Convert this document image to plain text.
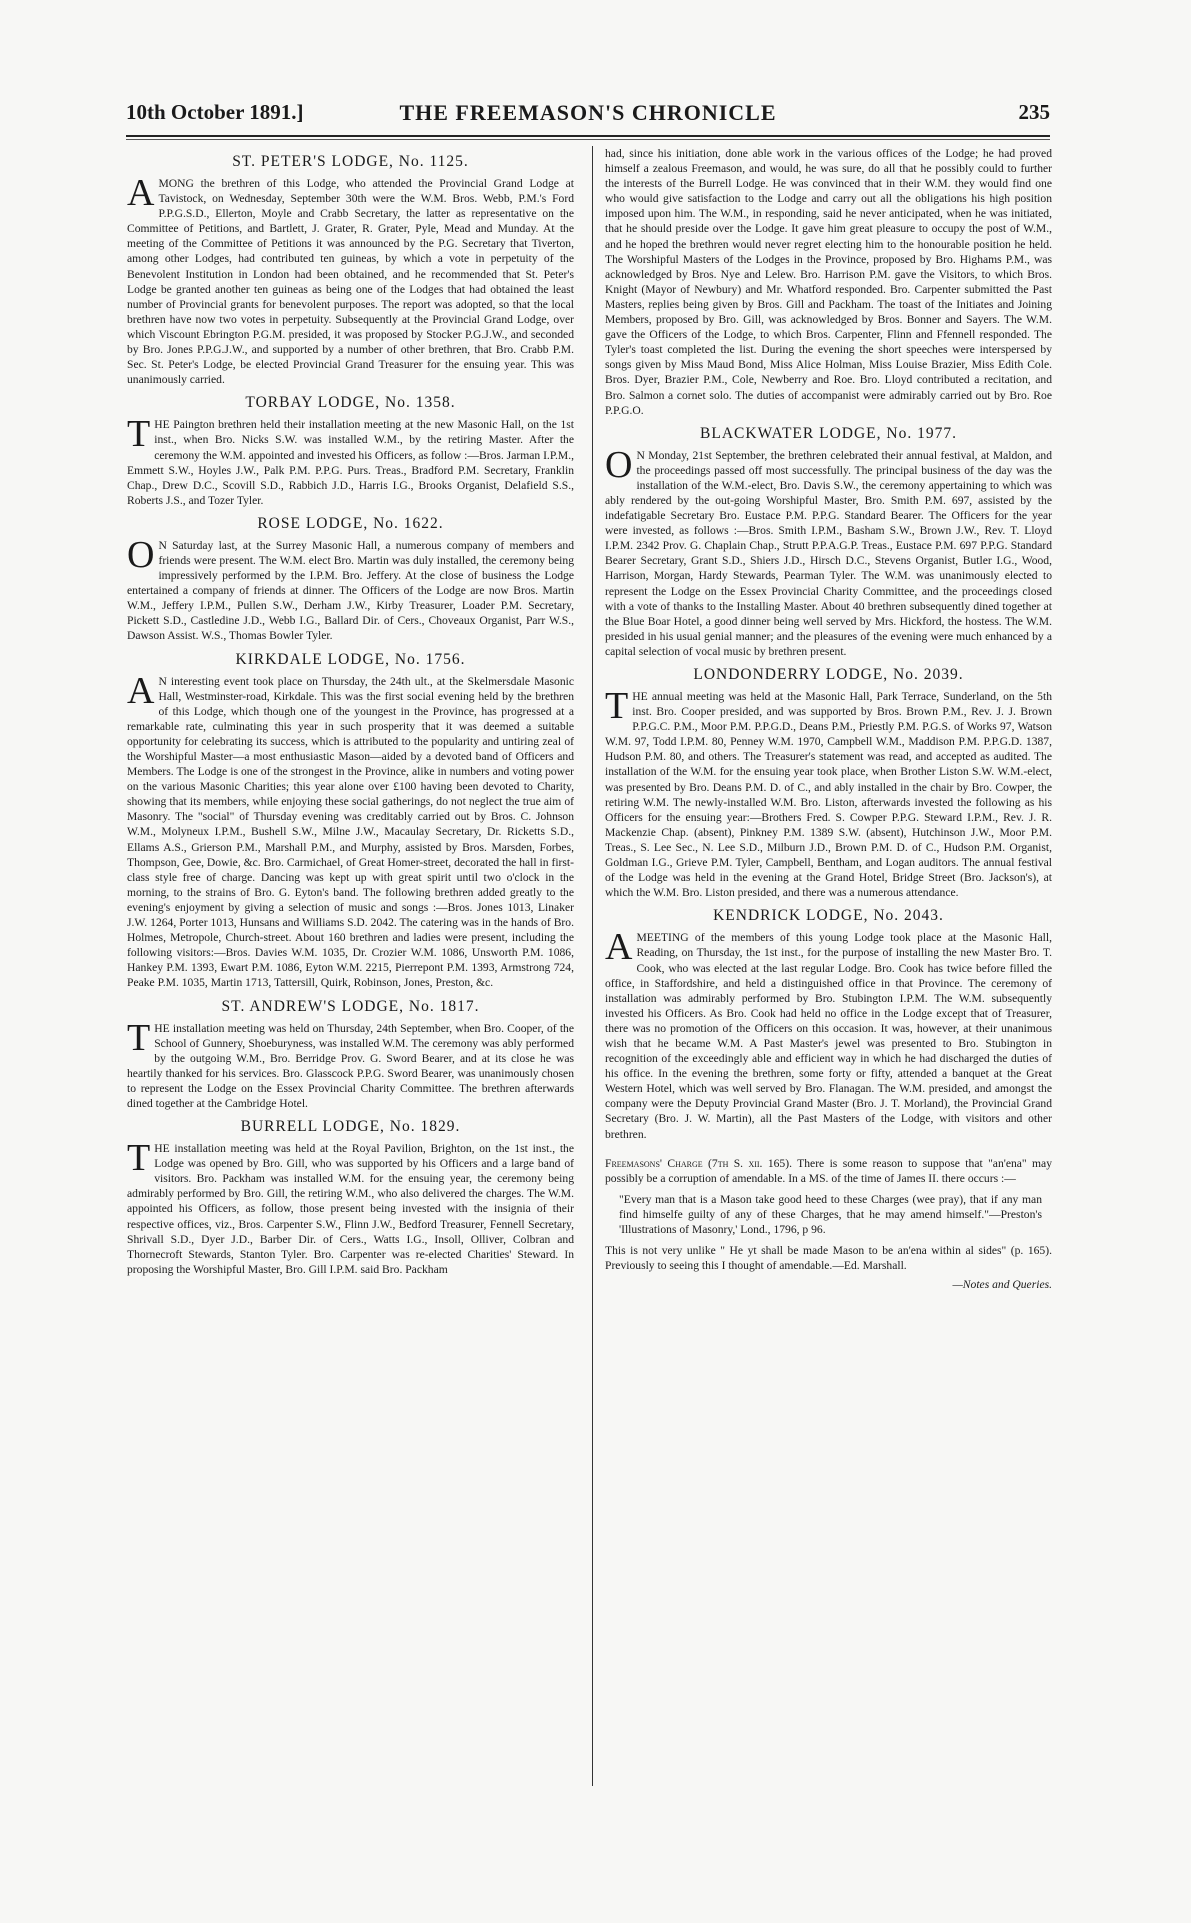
10th October 1891.]	THE FREEMASON'S CHRONICLE	235
ST. PETER'S LODGE, No. 1125.

AMONG the brethren of this Lodge, who attended the Provincial Grand Lodge at Tavistock, on Wednesday, September 30th were the W.M. Bros. Webb, P.M.'s Ford P.P.G.S.D., Ellerton, Moyle and Crabb Secretary, the latter as representative on the Committee of Petitions, and Bartlett, J. Grater, R. Grater, Pyle, Mead and Munday. At the meeting of the Committee of Petitions it was announced by the P.G. Secretary that Tiverton, among other Lodges, had contributed ten guineas, by which a vote in perpetuity of the Benevolent Institution in London had been obtained, and he recommended that St. Peter's Lodge be granted another ten guineas as being one of the Lodges that had obtained the least number of Provincial grants for benevolent purposes. The report was adopted, so that the local brethren have now two votes in perpetuity. Subsequently at the Provincial Grand Lodge, over which Viscount Ebrington P.G.M. presided, it was proposed by Stocker P.G.J.W., and seconded by Bro. Jones P.P.G.J.W., and supported by a number of other brethren, that Bro. Crabb P.M. Sec. St. Peter's Lodge, be elected Provincial Grand Treasurer for the ensuing year. This was unanimously carried.

TORBAY LODGE, No. 1358.

THE Paington brethren held their installation meeting at the new Masonic Hall, on the 1st inst., when Bro. Nicks S.W. was installed W.M., by the retiring Master. After the ceremony the W.M. appointed and invested his Officers, as follow :—Bros. Jarman I.P.M., Emmett S.W., Hoyles J.W., Palk P.M. P.P.G. Purs. Treas., Bradford P.M. Secretary, Franklin Chap., Drew D.C., Scovill S.D., Rabbich J.D., Harris I.G., Brooks Organist, Delafield S.S., Roberts J.S., and Tozer Tyler.

ROSE LODGE, No. 1622.

O N Saturday last, at the Surrey Masonic Hall, a numerous company of members and friends were present. The W.M. elect Bro. Martin was duly installed, the ceremony being impressively performed by the I.P.M. Bro. Jeffery. At the close of business the Lodge entertained a company of friends at dinner. The Officers of the Lodge are now Bros. Martin W.M., Jeffery I.P.M., Pullen S.W., Derham J.W., Kirby Treasurer, Loader P.M. Secretary, Pickett S.D., Castledine J.D., Webb I.G., Ballard Dir. of Cers., Choveaux Organist, Parr W.S., Dawson Assist. W.S., Thomas Bowler Tyler.

KIRKDALE LODGE, No. 1756.

A N interesting event took place on Thursday, the 24th ult., at the Skelmersdale Masonic Hall, Westminster-road, Kirkdale. This was the first social evening held by the brethren of this Lodge, which though one of the youngest in the Province, has progressed at a remarkable rate, culminating this year in such prosperity that it was deemed a suitable opportunity for celebrating its success, which is attributed to the popularity and untiring zeal of the Worshipful Master—a most enthusiastic Mason—aided by a devoted band of Officers and Members. The Lodge is one of the strongest in the Province, alike in numbers and voting power on the various Masonic Charities; this year alone over £100 having been devoted to Charity, showing that its members, while enjoying these social gatherings, do not neglect the true aim of Masonry. The "social" of Thursday evening was creditably carried out by Bros. C. Johnson W.M., Molyneux I.P.M., Bushell S.W., Milne J.W., Macaulay Secretary, Dr. Ricketts S.D., Ellams A.S., Grierson P.M., Marshall P.M., and Murphy, assisted by Bros. Marsden, Forbes, Thompson, Gee, Dowie, &c. Bro. Carmichael, of Great Homer-street, decorated the hall in first-class style free of charge. Dancing was kept up with great spirit until two o'clock in the morning, to the strains of Bro. G. Eyton's band. The following brethren added greatly to the evening's enjoyment by giving a selection of music and songs :—Bros. Jones 1013, Linaker J.W. 1264, Porter 1013, Hunsans and Williams S.D. 2042. The catering was in the hands of Bro. Holmes, Metropole, Church-street. About 160 brethren and ladies were present, including the following visitors:—Bros. Davies W.M. 1035, Dr. Crozier W.M. 1086, Unsworth P.M. 1086, Hankey P.M. 1393, Ewart P.M. 1086, Eyton W.M. 2215, Pierrepont P.M. 1393, Armstrong 724, Peake P.M. 1035, Martin 1713, Tattersill, Quirk, Robinson, Jones, Preston, &c.

ST. ANDREW'S LODGE, No. 1817.

THE installation meeting was held on Thursday, 24th September, when Bro. Cooper, of the School of Gunnery, Shoeburyness, was installed W.M. The ceremony was ably performed by the outgoing W.M., Bro. Berridge Prov. G. Sword Bearer, and at its close he was heartily thanked for his services. Bro. Glasscock P.P.G. Sword Bearer, was unanimously chosen to represent the Lodge on the Essex Provincial Charity Committee. The brethren afterwards dined together at the Cambridge Hotel.

BURRELL LODGE, No. 1829.

THE installation meeting was held at the Royal Pavilion, Brighton, on the 1st inst., the Lodge was opened by Bro. Gill, who was supported by his Officers and a large band of visitors. Bro. Packham was installed W.M. for the ensuing year, the ceremony being admirably performed by Bro. Gill, the retiring W.M., who also delivered the charges. The W.M. appointed his Officers, as follow, those present being invested with the insignia of their respective offices, viz., Bros. Carpenter S.W., Flinn J.W., Bedford Treasurer, Fennell Secretary, Shrivall S.D., Dyer J.D., Barber Dir. of Cers., Watts I.G., Insoll, Olliver, Colbran and Thornecroft Stewards, Stanton Tyler. Bro. Carpenter was re-elected Charities' Steward. In proposing the Worshipful Master, Bro. Gill I.P.M. said Bro. Packham

had, since his initiation, done able work in the various offices of the Lodge; he had proved himself a zealous Freemason, and would, he was sure, do all that he possibly could to further the interests of the Burrell Lodge. He was convinced that in their W.M. they would find one who would give satisfaction to the Lodge and carry out all the obligations his high position imposed upon him. The W.M., in responding, said he never anticipated, when he was initiated, that he should preside over the Lodge. It gave him great pleasure to occupy the post of W.M., and he hoped the brethren would never regret electing him to the honourable position he held. The Worshipful Masters of the Lodges in the Province, proposed by Bro. Highams P.M., was acknowledged by Bros. Nye and Lelew. Bro. Harrison P.M. gave the Visitors, to which Bros. Knight (Mayor of Newbury) and Mr. Whatford responded. Bro. Carpenter submitted the Past Masters, replies being given by Bros. Gill and Packham. The toast of the Initiates and Joining Members, proposed by Bro. Gill, was acknowledged by Bros. Bonner and Sayers. The W.M. gave the Officers of the Lodge, to which Bros. Carpenter, Flinn and Ffennell responded. The Tyler's toast completed the list. During the evening the short speeches were interspersed by songs given by Miss Maud Bond, Miss Alice Holman, Miss Louise Brazier, Miss Edith Cole. Bros. Dyer, Brazier P.M., Cole, Newberry and Roe. Bro. Lloyd contributed a recitation, and Bro. Salmon a cornet solo. The duties of accompanist were admirably carried out by Bro. Roe P.P.G.O.

BLACKWATER LODGE, No. 1977.

O N Monday, 21st September, the brethren celebrated their annual festival, at Maldon, and the proceedings passed off most successfully. The principal business of the day was the installation of the W.M.-elect, Bro. Davis S.W., the ceremony appertaining to which was ably rendered by the out-going Worshipful Master, Bro. Smith P.M. 697, assisted by the indefatigable Secretary Bro. Eustace P.M. P.P.G. Standard Bearer. The Officers for the year were invested, as follows :—Bros. Smith I.P.M., Basham S.W., Brown J.W., Rev. T. Lloyd I.P.M. 2342 Prov. G. Chaplain Chap., Strutt P.P.A.G.P. Treas., Eustace P.M. 697 P.P.G. Standard Bearer Secretary, Grant S.D., Shiers J.D., Hirsch D.C., Stevens Organist, Butler I.G., Wood, Harrison, Morgan, Hardy Stewards, Pearman Tyler. The W.M. was unanimously elected to represent the Lodge on the Essex Provincial Charity Committee, and the proceedings closed with a vote of thanks to the Installing Master. About 40 brethren subsequently dined together at the Blue Boar Hotel, a good dinner being well served by Mrs. Hickford, the hostess. The W.M. presided in his usual genial manner; and the pleasures of the evening were much enhanced by a capital selection of vocal music by brethren present.

LONDONDERRY LODGE, No. 2039.

THE annual meeting was held at the Masonic Hall, Park Terrace, Sunderland, on the 5th inst. Bro. Cooper presided, and was supported by Bros. Brown P.M., Rev. J. J. Brown P.P.G.C. P.M., Moor P.M. P.P.G.D., Deans P.M., Priestly P.M. P.G.S. of Works 97, Watson W.M. 97, Todd I.P.M. 80, Penney W.M. 1970, Campbell W.M., Maddison P.M. P.P.G.D. 1387, Hudson P.M. 80, and others. The Treasurer's statement was read, and accepted as audited. The installation of the W.M. for the ensuing year took place, when Brother Liston S.W. W.M.-elect, was presented by Bro. Deans P.M. D. of C., and ably installed in the chair by Bro. Cowper, the retiring W.M. The newly-installed W.M. Bro. Liston, afterwards invested the following as his Officers for the ensuing year:—Brothers Fred. S. Cowper P.P.G. Steward I.P.M., Rev. J. R. Mackenzie Chap. (absent), Pinkney P.M. 1389 S.W. (absent), Hutchinson J.W., Moor P.M. Treas., S. Lee Sec., N. Lee S.D., Milburn J.D., Brown P.M. D. of C., Hudson P.M. Organist, Goldman I.G., Grieve P.M. Tyler, Campbell, Bentham, and Logan auditors. The annual festival of the Lodge was held in the evening at the Grand Hotel, Bridge Street (Bro. Jackson's), at which the W.M. Bro. Liston presided, and there was a numerous attendance.

KENDRICK LODGE, No. 2043.

A MEETING of the members of this young Lodge took place at the Masonic Hall, Reading, on Thursday, the 1st inst., for the purpose of installing the new Master Bro. T. Cook, who was elected at the last regular Lodge. Bro. Cook has twice before filled the office, in Staffordshire, and held a distinguished office in that Province. The ceremony of installation was admirably performed by Bro. Stubington I.P.M. The W.M. subsequently invested his Officers. As Bro. Cook had held no office in the Lodge except that of Treasurer, there was no promotion of the Officers on this occasion. It was, however, at their unanimous wish that he became W.M. A Past Master's jewel was presented to Bro. Stubington in recognition of the exceedingly able and efficient way in which he had discharged the duties of his office. In the evening the brethren, some forty or fifty, attended a banquet at the Great Western Hotel, which was well served by Bro. Flanagan. The W.M. presided, and amongst the company were the Deputy Provincial Grand Master (Bro. J. T. Morland), the Provincial Grand Secretary (Bro. J. W. Martin), all the Past Masters of the Lodge, with visitors and other brethren.

Freemasons' Charge (7th S. xii. 165). There is some reason to suppose that "an'ena" may possibly be a corruption of amendable. In a MS. of the time of James II. there occurs :—

"Every man that is a Mason take good heed to these Charges (wee pray), that if any man find himselfe guilty of any of these Charges, that he may amend himself."—Preston's 'Illustrations of Masonry,' Lond., 1796, p 96.

This is not very unlike " He yt shall be made Mason to be an'ena within al sides" (p. 165). Previously to seeing this I thought of amendable.—Ed. Marshall.

—Notes and Queries.
